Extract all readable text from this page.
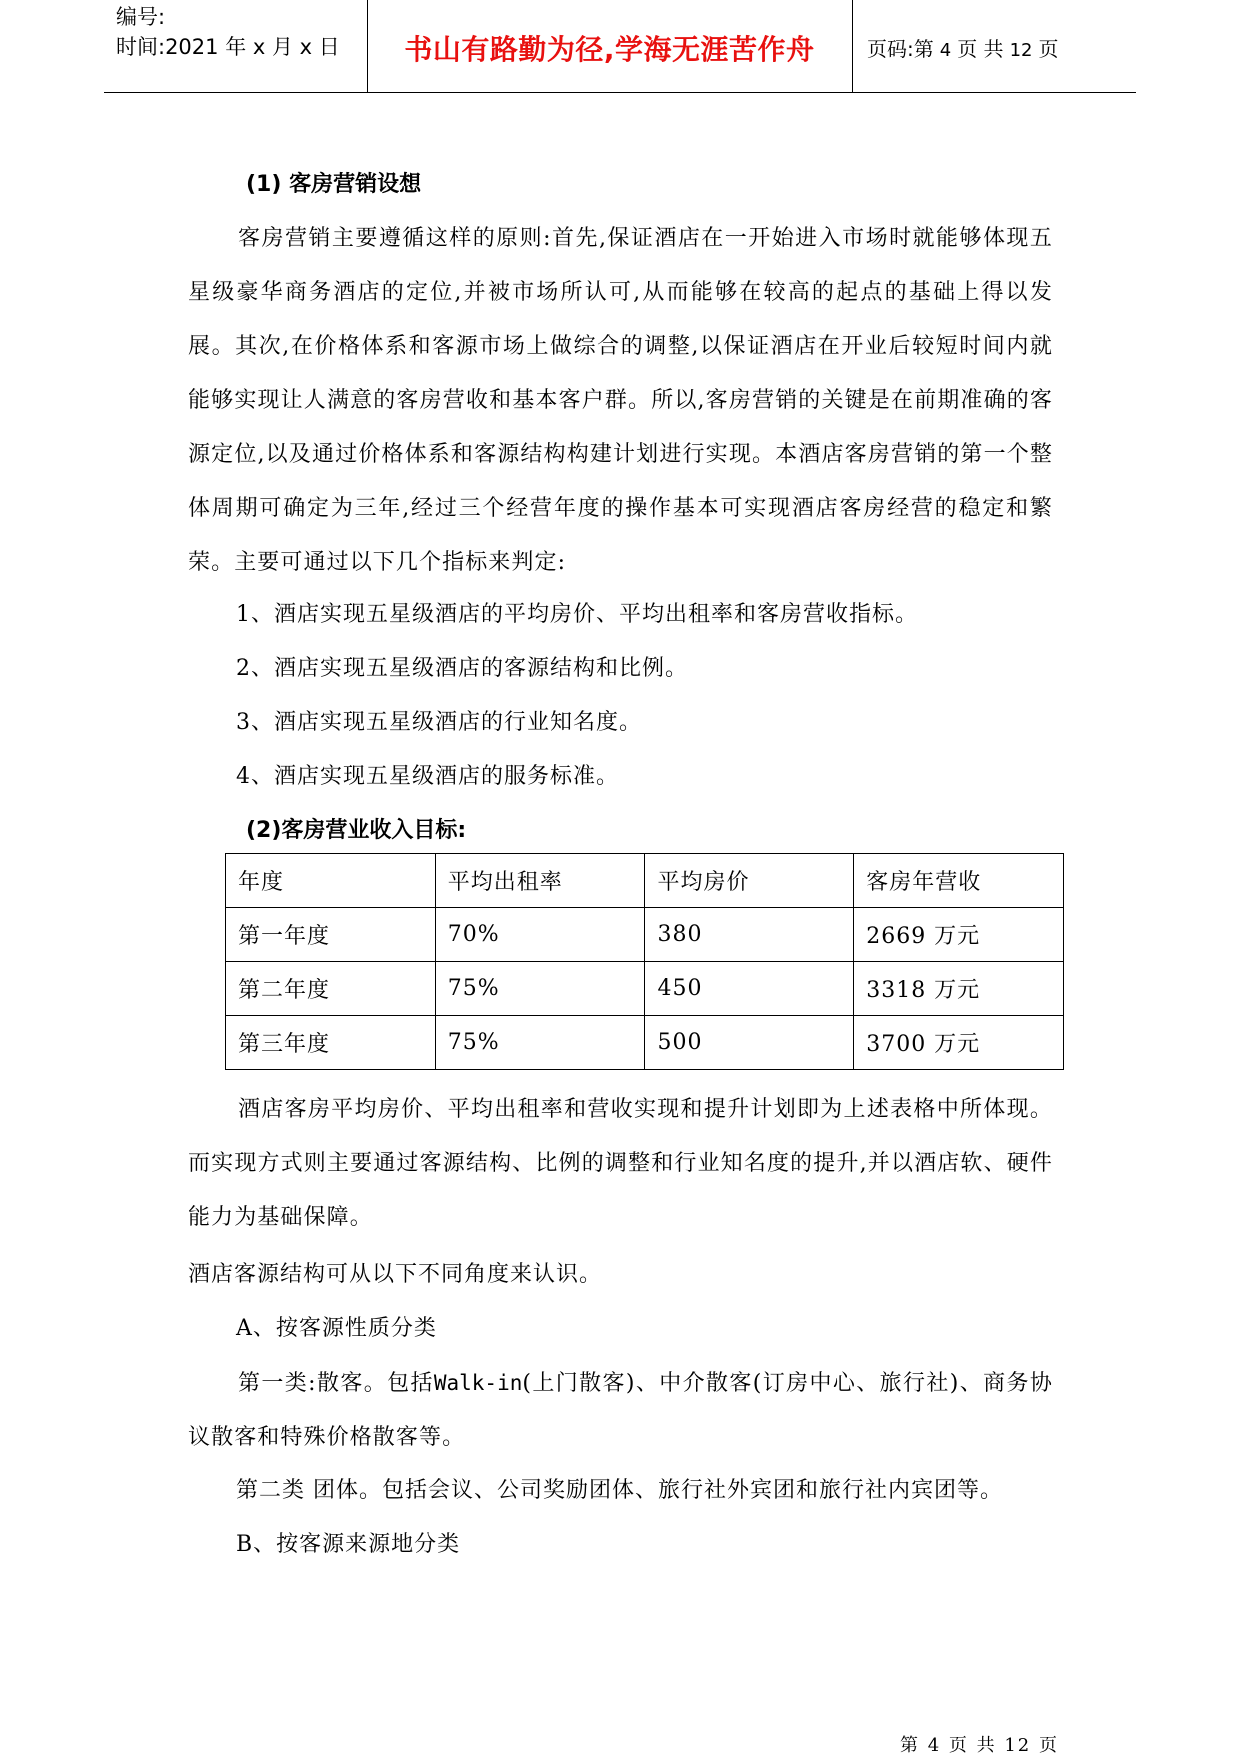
编号:
时间:2021 年 x 月 x 日	书山有路勤为径,学海无涯苦作舟	页码:第 4 页 共 12 页
(1) 客房营销设想
客房营销主要遵循这样的原则:首先,保证酒店在一开始进入市场时就能够体现五星级豪华商务酒店的定位,并被市场所认可,从而能够在较高的起点的基础上得以发展。其次,在价格体系和客源市场上做综合的调整,以保证酒店在开业后较短时间内就能够实现让人满意的客房营收和基本客户群。所以,客房营销的关键是在前期准确的客源定位,以及通过价格体系和客源结构构建计划进行实现。本酒店客房营销的第一个整体周期可确定为三年,经过三个经营年度的操作基本可实现酒店客房经营的稳定和繁荣。主要可通过以下几个指标来判定:
1、酒店实现五星级酒店的平均房价、平均出租率和客房营收指标。
2、酒店实现五星级酒店的客源结构和比例。
3、酒店实现五星级酒店的行业知名度。
4、酒店实现五星级酒店的服务标准。
(2)客房营业收入目标:
年度	平均出租率	平均房价	客房年营收
第一年度	70%	380	2669 万元
第二年度	75%	450	3318 万元
第三年度	75%	500	3700 万元
酒店客房平均房价、平均出租率和营收实现和提升计划即为上述表格中所体现。而实现方式则主要通过客源结构、比例的调整和行业知名度的提升,并以酒店软、硬件能力为基础保障。
酒店客源结构可从以下不同角度来认识。
A、按客源性质分类
第一类:散客。包括Walk-in(上门散客)、中介散客(订房中心、旅行社)、商务协议散客和特殊价格散客等。
第二类 团体。包括会议、公司奖励团体、旅行社外宾团和旅行社内宾团等。
B、按客源来源地分类
第 4 页 共 12 页
